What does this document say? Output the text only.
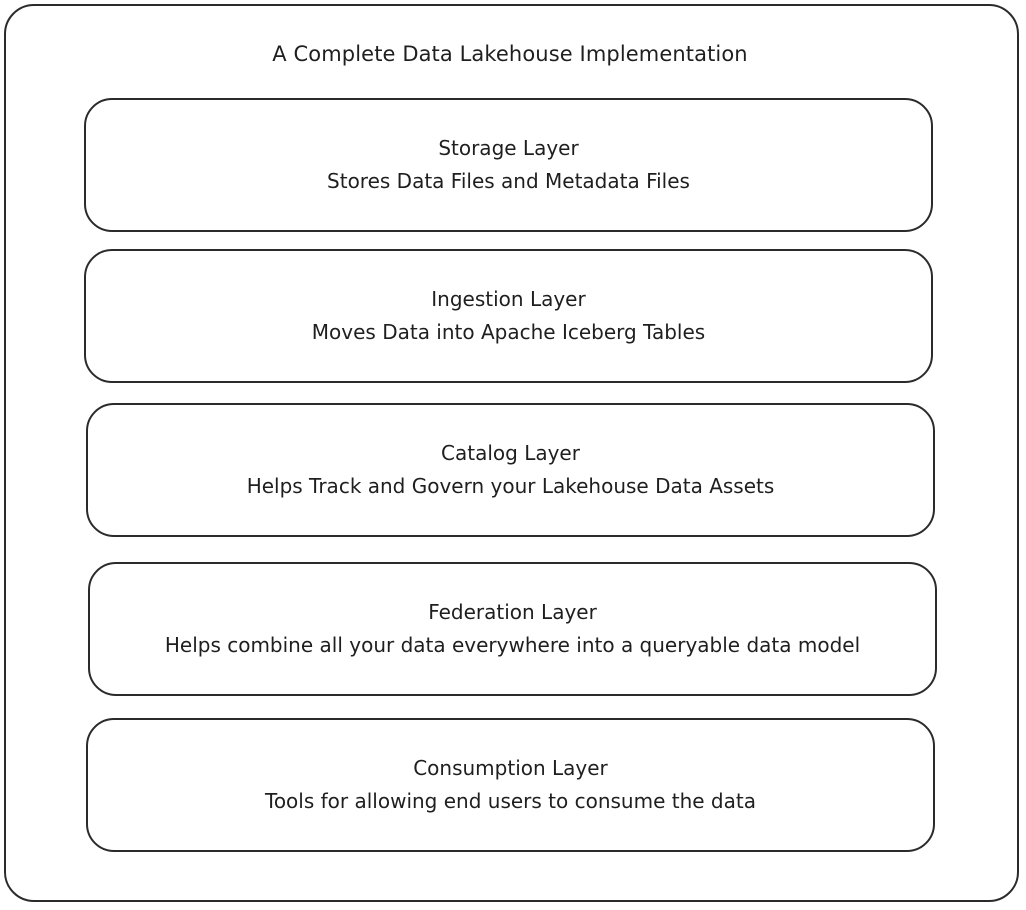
A Complete Data Lakehouse Implementation
Storage Layer
Stores Data Files and Metadata Files
Ingestion Layer
Moves Data into Apache Iceberg Tables
Catalog Layer
Helps Track and Govern your Lakehouse Data Assets
Federation Layer
Helps combine all your data everywhere into a queryable data model
Consumption Layer
Tools for allowing end users to consume the data
